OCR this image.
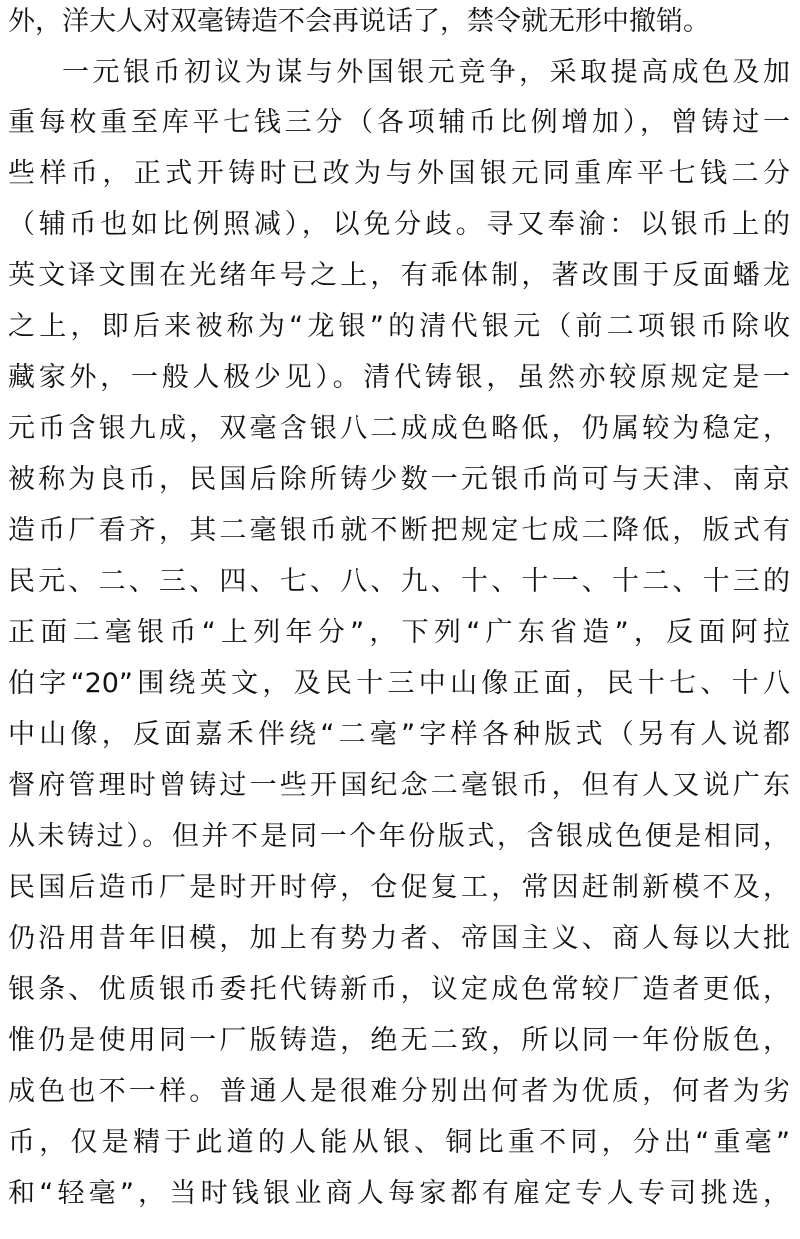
外，洋大人对双毫铸造不会再说话了，禁令就无形中撤销。
一元银币初议为谋与外国银元竞争，采取提高成色及加
重每枚重至库平七钱三分（各项辅币比例增加），曾铸过一
些样币，正式开铸时已改为与外国银元同重库平七钱二分
（辅币也如比例照减），以免分歧。寻又奉渝：以银币上的
英文译文围在光绪年号之上，有乖体制，著改围于反面蟠龙
之上，即后来被称为“龙银”的清代银元（前二项银币除收
藏家外，一般人极少见）。清代铸银，虽然亦较原规定是一
元币含银九成，双毫含银八二成成色略低，仍属较为稳定，
被称为良币，民国后除所铸少数一元银币尚可与天津、南京
造币厂看齐，其二毫银币就不断把规定七成二降低，版式有
民元、二、三、四、七、八、九、十、十一、十二、十三的
正面二毫银币“上列年分”，下列“广东省造”，反面阿拉
伯字“20”围绕英文，及民十三中山像正面，民十七、十八
中山像，反面嘉禾伴绕“二毫”字样各种版式（另有人说都
督府管理时曾铸过一些开国纪念二毫银币，但有人又说广东
从未铸过）。但并不是同一个年份版式，含银成色便是相同，
民国后造币厂是时开时停，仓促复工，常因赶制新模不及，
仍沿用昔年旧模，加上有势力者、帝国主义、商人每以大批
银条、优质银币委托代铸新币，议定成色常较厂造者更低，
惟仍是使用同一厂版铸造，绝无二致，所以同一年份版色，
成色也不一样。普通人是很难分别出何者为优质，何者为劣
币，仅是精于此道的人能从银、铜比重不同，分出“重毫”
和“轻毫”，当时钱银业商人每家都有雇定专人专司挑选，
